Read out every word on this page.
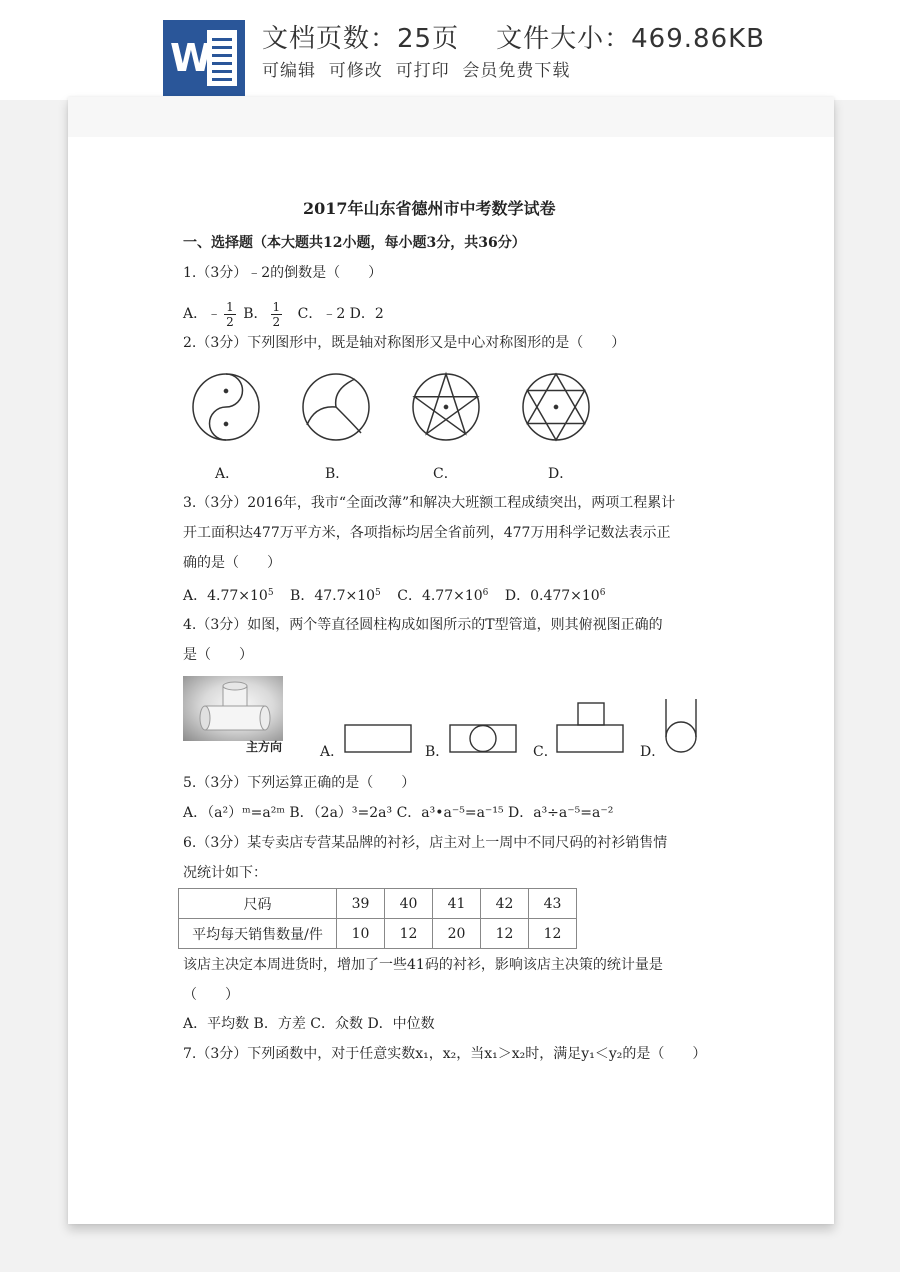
W 文档页数：25页    文件大小：469.86KB
可编辑  可修改  可打印  会员免费下载
2017年山东省德州市中考数学试卷
一、选择题（本大题共12小题，每小题3分，共36分）
1.（3分）﹣2的倒数是（　　）
A．﹣ $\frac{1}{2}$ B． $\frac{1}{2}$ C．﹣2 D．2
2.（3分）下列图形中，既是轴对称图形又是中心对称图形的是（　　）
A．	B．	C．	D．
3.（3分）2016年，我市“全面改薄”和解决大班额工程成绩突出，两项工程累计
开工面积达477万平方米，各项指标均居全省前列，477万用科学记数法表示正
确的是（　　）
A．$4.77\times 10^5$ B．$47.7\times 10^5$ C．$4.77\times 10^6$ D．$0.477\times 10^6$
4.（3分）如图，两个等直径圆柱构成如图所示的T型管道，则其俯视图正确的
是（　　）
主方向	A．	B．	C．	D．
5.（3分）下列运算正确的是（　　）
A．（a²）ᵐ=a²ᵐ B．（2a）³=2a³ C．a³•a⁻⁵=a⁻¹⁵ D．a³÷a⁻⁵=a⁻²
6.（3分）某专卖店专营某品牌的衬衫，店主对上一周中不同尺码的衬衫销售情
况统计如下：
尺码	39	40	41	42	43
平均每天销售数量/件	10	12	20	12	12
该店主决定本周进货时，增加了一些41码的衬衫，影响该店主决策的统计量是
（　　）
A．平均数 B．方差 C．众数 D．中位数
7.（3分）下列函数中，对于任意实数x₁，x₂，当x₁＞x₂时，满足y₁＜y₂的是（　　）
